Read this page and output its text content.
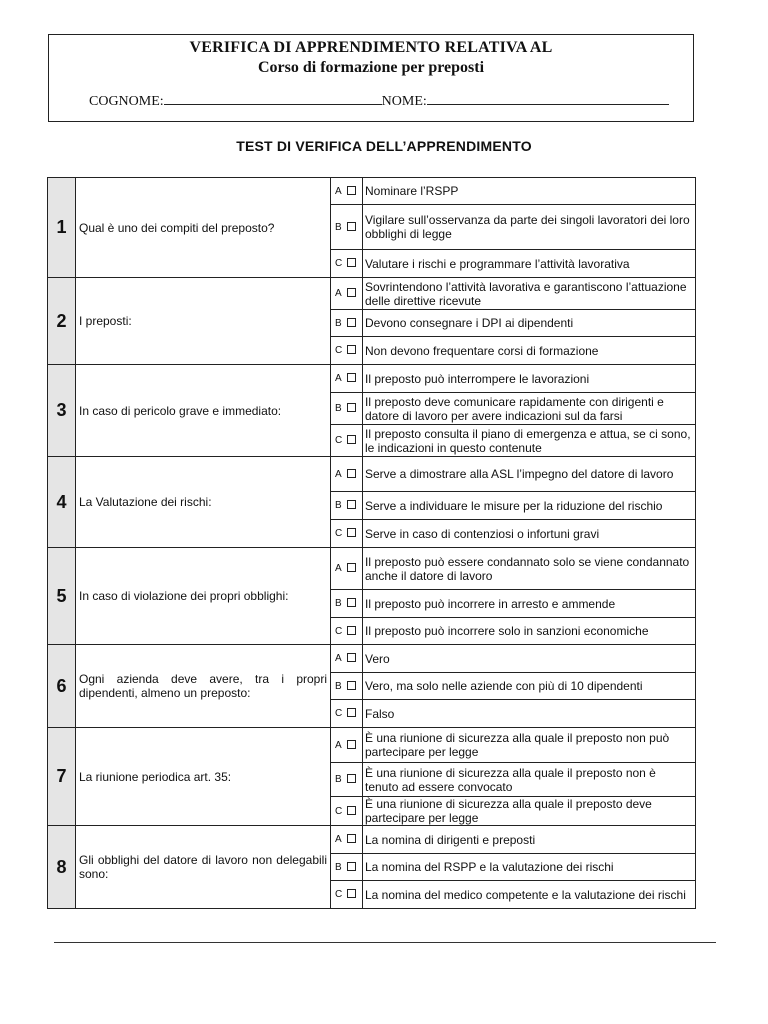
VERIFICA DI APPRENDIMENTO RELATIVA AL
Corso di formazione per preposti
COGNOME:	NOME:
TEST DI VERIFICA DELL’APPRENDIMENTO
1	Qual è uno dei compiti del preposto?	A	Nominare l’RSPP
		B	Vigilare sull’osservanza da parte dei singoli lavoratori dei loro obblighi di legge
		C	Valutare i rischi e programmare l’attività lavorativa
2	I preposti:	A	Sovrintendono l’attività lavorativa e garantiscono l’attuazione delle direttive ricevute
		B	Devono consegnare i DPI ai dipendenti
		C	Non devono frequentare corsi di formazione
3	In caso di pericolo grave e immediato:	A	Il preposto può interrompere le lavorazioni
		B	Il preposto deve comunicare rapidamente con dirigenti e datore di lavoro per avere indicazioni sul da farsi
		C	Il preposto consulta il piano di emergenza e attua, se ci sono, le indicazioni in questo contenute
4	La Valutazione dei rischi:	A	Serve a dimostrare alla ASL l’impegno del datore di lavoro
		B	Serve a individuare le misure per la riduzione del rischio
		C	Serve in caso di contenziosi o infortuni gravi
5	In caso di violazione dei propri obblighi:	A	Il preposto può essere condannato solo se viene condannato anche il datore di lavoro
		B	Il preposto può incorrere in arresto e ammende
		C	Il preposto può incorrere solo in sanzioni economiche
6	Ogni azienda deve avere, tra i propri dipendenti, almeno un preposto:	A	Vero
		B	Vero, ma solo nelle aziende con più di 10 dipendenti
		C	Falso
7	La riunione periodica art. 35:	A	È una riunione di sicurezza alla quale il preposto non può partecipare per legge
		B	È una riunione di sicurezza alla quale il preposto non è tenuto ad essere convocato
		C	È una riunione di sicurezza alla quale il preposto deve partecipare per legge
8	Gli obblighi del datore di lavoro non delegabili sono:	A	La nomina di dirigenti e preposti
		B	La nomina del RSPP e la valutazione dei rischi
		C	La nomina del medico competente e la valutazione dei rischi
